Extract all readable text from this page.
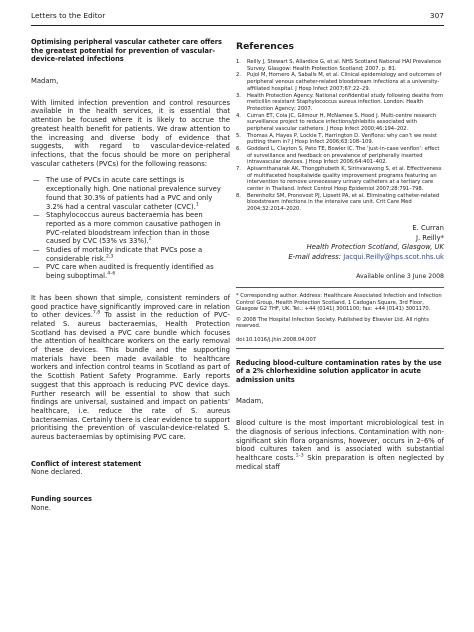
Letters to the Editor	307

Optimising peripheral vascular catheter care offers the greatest potential for prevention of vascular-device-related infections

Madam,

With limited infection prevention and control resources available in the health services, it is essential that attention be focused where it is likely to accrue the greatest health benefit for patients. We draw attention to the increasing and diverse body of evidence that suggests, with regard to vascular-device-related infections, that the focus should be more on peripheral vascular catheters (PVCs) for the following reasons:

— The use of PVCs in acute care settings is exceptionally high. One national prevalence survey found that 30.3% of patients had a PVC and only 3.2% had a central vascular catheter (CVC).$^1$
— Staphylococcus aureus bacteraemia has been reported as a more common causative pathogen in PVC-related bloodstream infection than in those caused by CVC (53% vs 33%).$^2$
— Studies of mortality indicate that PVCs pose a considerable risk.$^{2,3}$
— PVC care when audited is frequently identified as being suboptimal.$^{4-6}$

It has been shown that simple, consistent reminders of good practice have significantly improved care in relation to other devices.$^{7,8}$ To assist in the reduction of PVC-related S. aureus bacteraemias, Health Protection Scotland has devised a PVC care bundle which focuses the attention of healthcare workers on the early removal of these devices. This bundle and the supporting materials have been made available to healthcare workers and infection control teams in Scotland as part of the Scottish Patient Safety Programme. Early reports suggest that this approach is reducing PVC device days. Further research will be essential to show that such findings are universal, sustained and impact on patients’ healthcare, i.e. reduce the rate of S. aureus bacteraemias. Certainly there is clear evidence to support prioritising the prevention of vascular-device-related S. aureus bacteraemias by optimising PVC care.

Conflict of interest statement

None declared.

Funding sources

None.

References

1. Reilly J, Stewart S, Allardice G, et al. NHS Scotland National HAI Prevalence Survey. Glasgow: Health Protection Scotland; 2007. p. 81.
2. Pujol M, Hornero A, Saballs M, et al. Clinical epidemiology and outcomes of peripheral venous catheter-related bloodstream infections at a university-affiliated hospital. J Hosp Infect 2007;67:22–29.
3. Health Protection Agency. National confidential study following deaths from meticillin resistant Staphylococcus aureus infection. London: Health Protection Agency; 2007.
4. Curran ET, Coia JC, Gilmour H, McNamee S, Hood J. Multi-centre research surveillance project to reduce infections/phlebitis associated with peripheral vascular catheters. J Hosp Infect 2000;46:194–202.
5. Thomas A, Hayes P, Lockie T, Harrington D. Venflons: why can’t we resist putting them in? J Hosp Infect 2006;63:108–109.
6. Goddard L, Clayton S, Peto TE, Bowler IC. The ‘just-in-case venflon’: effect of surveillance and feedback on prevalence of peripherally inserted intravascular devices. J Hosp Infect 2006;64:401–402.
7. Apisarnthanarak AK, Thongphubeth K, Sirinvaravong S, et al. Effectiveness of multifaceted hospitalwide quality improvement programs featuring an intervention to remove unnecessary urinary catheters at a tertiary care center in Thailand. Infect Control Hosp Epidemiol 2007;28:791–798.
8. Berenholtz SM, Pronovost PJ, Lipsett PA, et al. Eliminating catheter-related bloodstream infections in the intensive care unit. Crit Care Med 2004;32:2014–2020.
E. Curran
J. Reilly*
Health Protection Scotland, Glasgow, UK
E-mail address: Jacqui.Reilly@hps.scot.nhs.uk
Available online 3 June 2008
* Corresponding author. Address: Healthcare Associated Infection and Infection Control Group, Health Protection Scotland, 1 Cadogan Square, 3rd Floor, Glasgow G2 7HF, UK. Tel.: +44 (0141) 3001100; fax: +44 (0141) 3001170.
© 2008 The Hospital Infection Society. Published by Elsevier Ltd. All rights reserved.
doi:10.1016/j.jhin.2008.04.007

Reducing blood-culture contamination rates by the use of a 2% chlorhexidine solution applicator in acute admission units

Madam,

Blood culture is the most important microbiological test in the diagnosis of serious infections. Contamination with non-significant skin flora organisms, however, occurs in 2–6% of blood cultures taken and is associated with substantial healthcare costs.$^{1-3}$ Skin preparation is often neglected by medical staff
